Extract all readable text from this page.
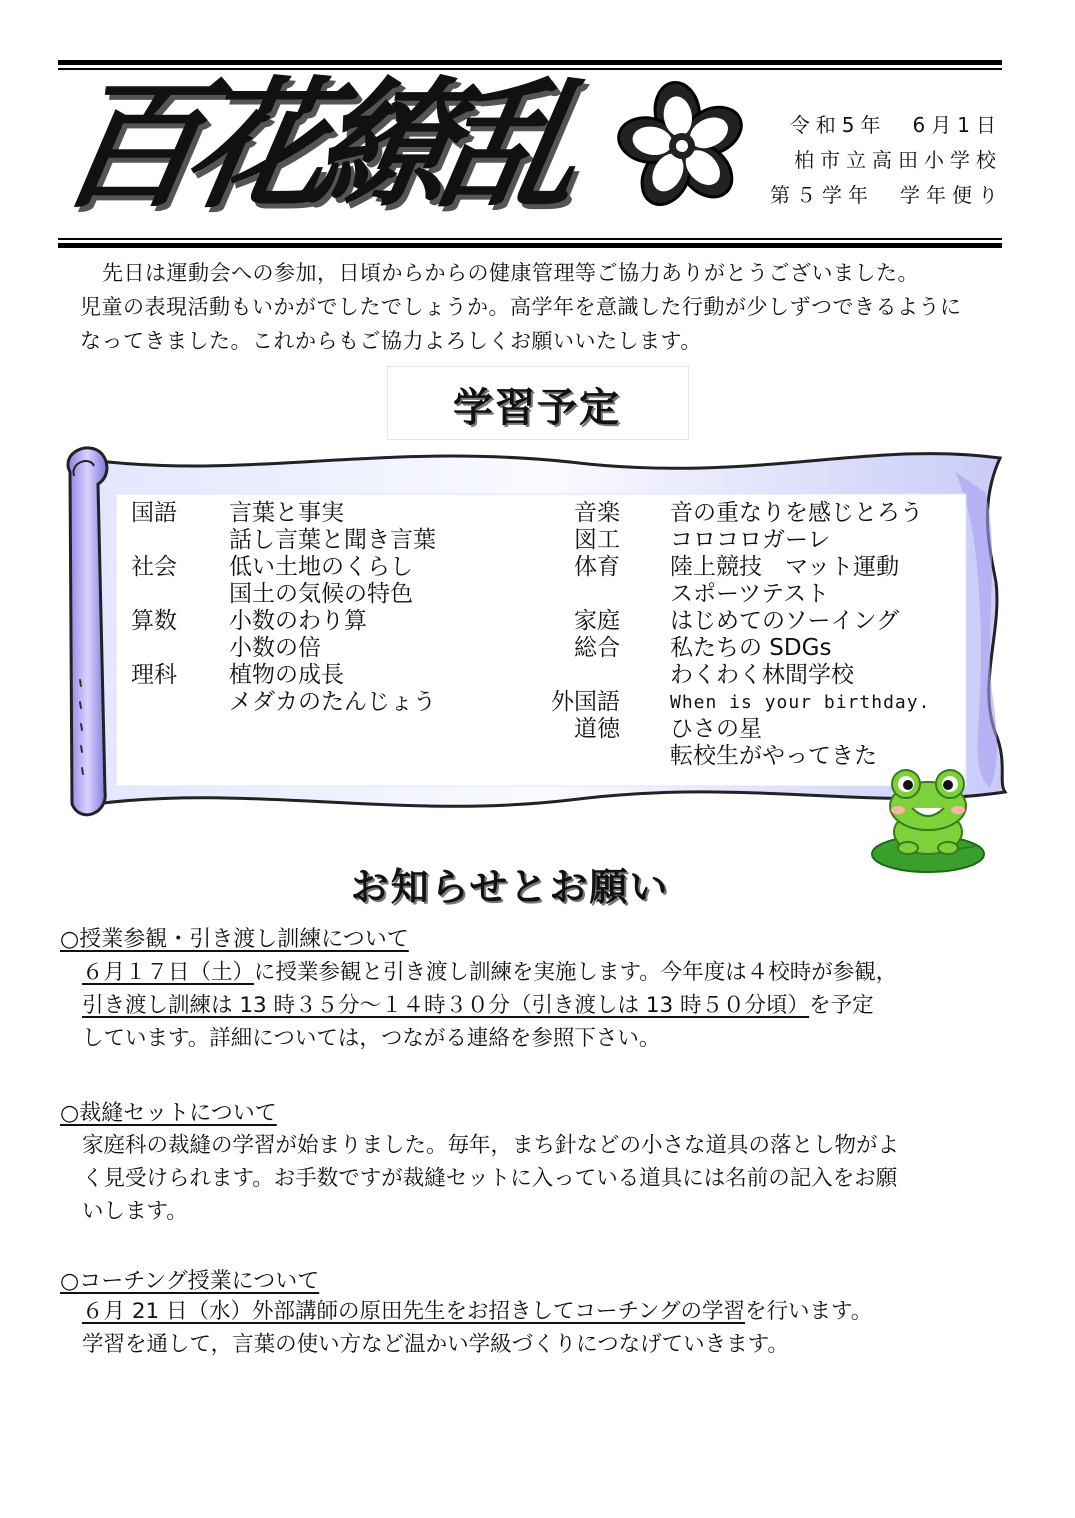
百花繚乱	令和5年　6月1日
柏市立高田小学校
第５学年　学年便り

先日は運動会への参加，日頃からからの健康管理等ご協力ありがとうございました。

児童の表現活動もいかがでしたでしょうか。高学年を意識した行動が少しずつできるように

なってきました。これからもご協力よろしくお願いいたします。

学習予定
国語	言葉と事実
話し言葉と聞き言葉
社会	低い土地のくらし
国土の気候の特色
算数	小数のわり算
小数の倍
理科	植物の成長
メダカのたんじょう
音楽 音の重なりを感じとろう
図工 コロコロガーレ
体育 陸上競技　マット運動
スポーツテスト
家庭 はじめてのソーイング
総合 私たちの SDGs
わくわく林間学校
外国語	When is your birthday.
道徳 ひさの星
転校生がやってきた
お知らせとお願い
○授業参観・引き渡し訓練について

６月１７日（土）に授業参観と引き渡し訓練を実施します。今年度は４校時が参観，

引き渡し訓練は 13 時３５分～１４時３０分（引き渡しは 13 時５０分頃）を予定

しています。詳細については，つながる連絡を参照下さい。

○裁縫セットについて

家庭科の裁縫の学習が始まりました。毎年，まち針などの小さな道具の落とし物がよ

く見受けられます。お手数ですが裁縫セットに入っている道具には名前の記入をお願

いします。

○コーチング授業について

６月 21 日（水）外部講師の原田先生をお招きしてコーチングの学習を行います。

学習を通して，言葉の使い方など温かい学級づくりにつなげていきます。
